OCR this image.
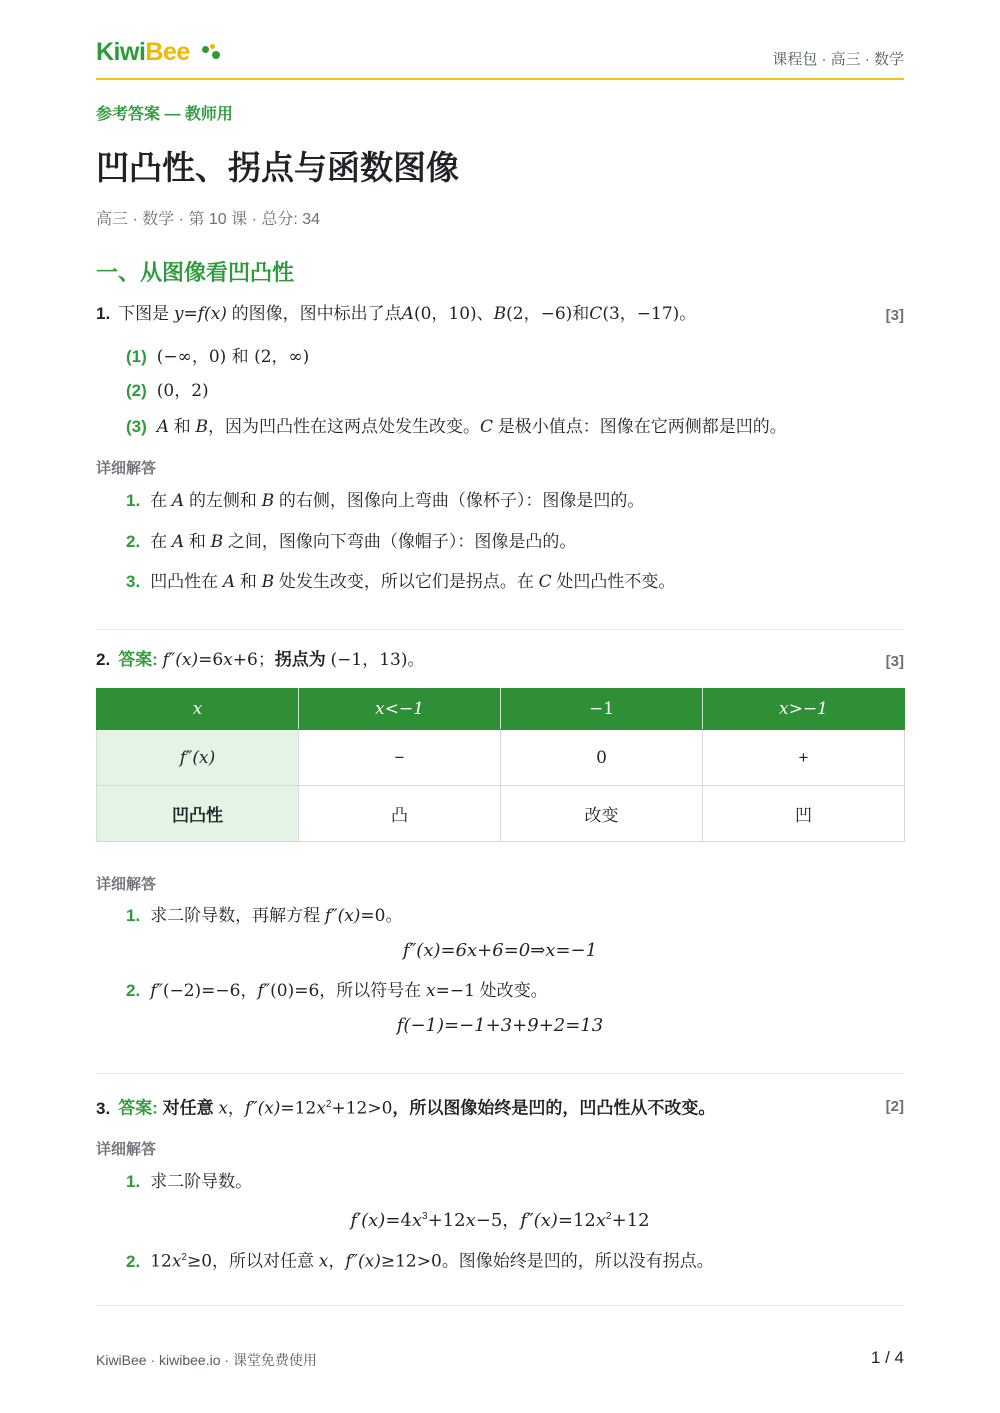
KiwiBee	课程包 · 高三 · 数学
参考答案 — 教师用
凹凸性、拐点与函数图像
高三 · 数学 · 第 10 课 · 总分: 34
一、从图像看凹凸性
1. 下图是 y=f(x) 的图像，图中标出了点A(0，10)、B(2，−6)和C(3，−17)。	[3]
(1) (−∞，0) 和 (2，∞)
(2) (0，2)
(3) A 和 B，因为凹凸性在这两点处发生改变。C 是极小值点：图像在它两侧都是凹的。
详细解答
1. 在 A 的左侧和 B 的右侧，图像向上弯曲（像杯子）：图像是凹的。
2. 在 A 和 B 之间，图像向下弯曲（像帽子）：图像是凸的。
3. 凹凸性在 A 和 B 处发生改变，所以它们是拐点。在 C 处凹凸性不变。
2. 答案: f″(x)=6x+6；拐点为 (−1，13)。	[3]
x	x<−1	−1	x>−1
f″(x)	−	0	+
凹凸性	凸	改变	凹
详细解答
1. 求二阶导数，再解方程 f″(x)=0。
f″(x)=6x+6=0⇒x=−1
2. f″(−2)=−6，f″(0)=6，所以符号在 x=−1 处改变。
f(−1)=−1+3+9+2=13
3. 答案: 对任意 x，$f''(x)=12x^2+12>0$，所以图像始终是凹的，凹凸性从不改变。	[2]
详细解答
1. 求二阶导数。
$f'(x)=4x^3+12x-5$，$f''(x)=12x^2+12$
2. $12x^2\ge 0$，所以对任意 x，f″(x)≥12>0。图像始终是凹的，所以没有拐点。
KiwiBee · kiwibee.io · 课堂免费使用	1 / 4
